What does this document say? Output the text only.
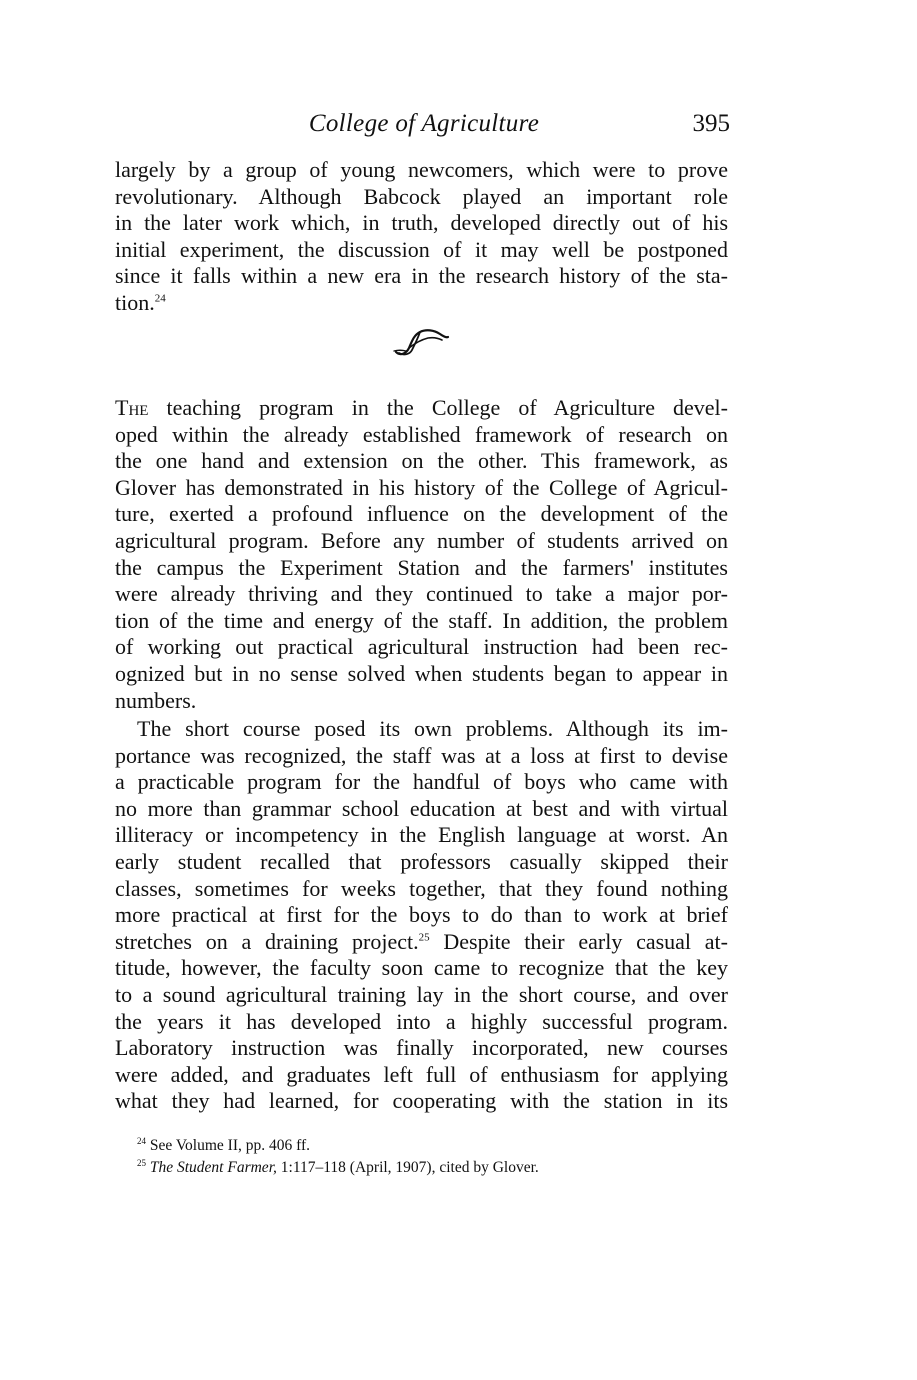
College of Agriculture	395
largely by a group of young newcomers, which were to prove
revolutionary. Although Babcock played an important role
in the later work which, in truth, developed directly out of his
initial experiment, the discussion of it may well be postponed
since it falls within a new era in the research history of the sta-
tion.$^{24}$
The teaching program in the College of Agriculture devel-
oped within the already established framework of research on
the one hand and extension on the other. This framework, as
Glover has demonstrated in his history of the College of Agricul-
ture, exerted a profound influence on the development of the
agricultural program. Before any number of students arrived on
the campus the Experiment Station and the farmers' institutes
were already thriving and they continued to take a major por-
tion of the time and energy of the staff. In addition, the problem
of working out practical agricultural instruction had been rec-
ognized but in no sense solved when students began to appear in
numbers.
The short course posed its own problems. Although its im-
portance was recognized, the staff was at a loss at first to devise
a practicable program for the handful of boys who came with
no more than grammar school education at best and with virtual
illiteracy or incompetency in the English language at worst. An
early student recalled that professors casually skipped their
classes, sometimes for weeks together, that they found nothing
more practical at first for the boys to do than to work at brief
stretches on a draining project.$^{25}$ Despite their early casual at-
titude, however, the faculty soon came to recognize that the key
to a sound agricultural training lay in the short course, and over
the years it has developed into a highly successful program.
Laboratory instruction was finally incorporated, new courses
were added, and graduates left full of enthusiasm for applying
what they had learned, for cooperating with the station in its
$^{24}$ See Volume II, pp. 406 ff.
$^{25}$ The Student Farmer, 1:117–118 (April, 1907), cited by Glover.
